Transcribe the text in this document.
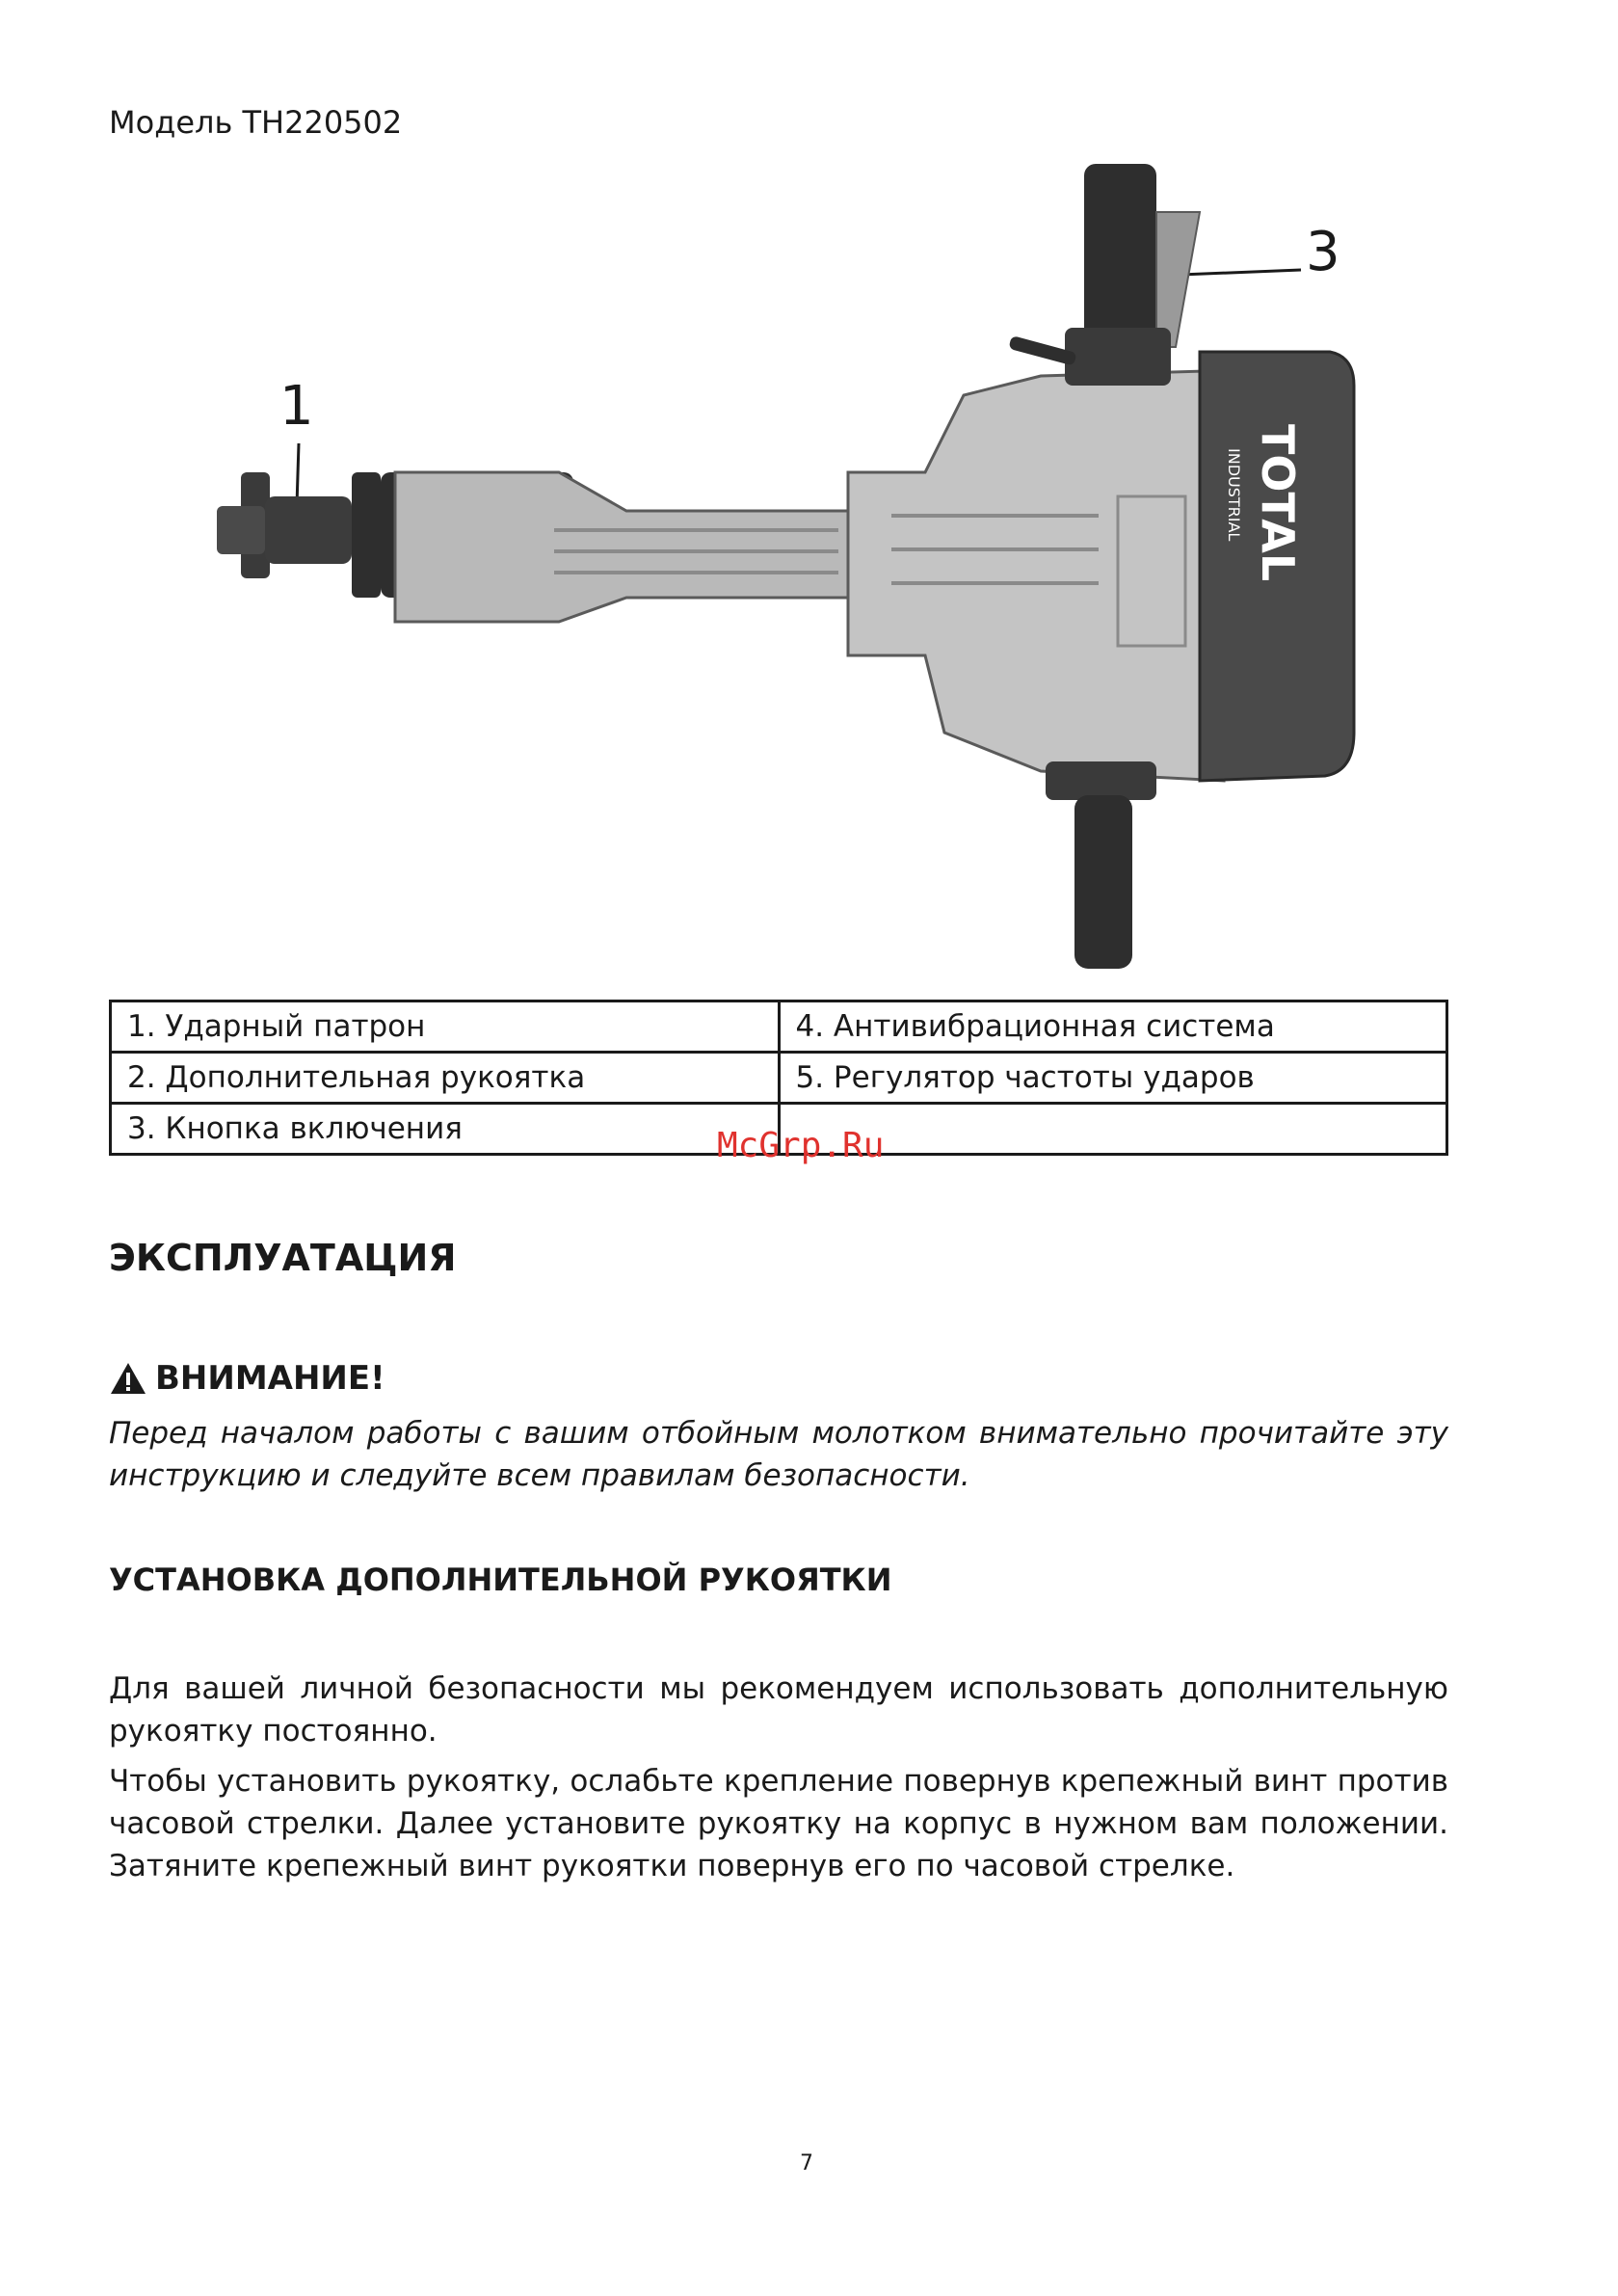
Модель TH220502
1
3
TOTAL
INDUSTRIAL
1. Ударный патрон	4. Антивибрационная система
2. Дополнительная рукоятка	5. Регулятор частоты ударов
3. Кнопка включения		McGrp.Ru
ЭКСПЛУАТАЦИЯ
ВНИМАНИЕ!
Перед началом работы с вашим отбойным молотком внимательно прочитайте эту инструкцию и следуйте всем правилам безопасности.
УСТАНОВКА ДОПОЛНИТЕЛЬНОЙ РУКОЯТКИ
Для вашей личной безопасности мы рекомендуем использовать дополнительную рукоятку постоянно.
Чтобы установить рукоятку, ослабьте крепление повернув крепежный винт против часовой стрелки. Далее установите рукоятку на корпус в нужном вам положении. Затяните крепежный винт рукоятки повернув его по часовой стрелке.
7
